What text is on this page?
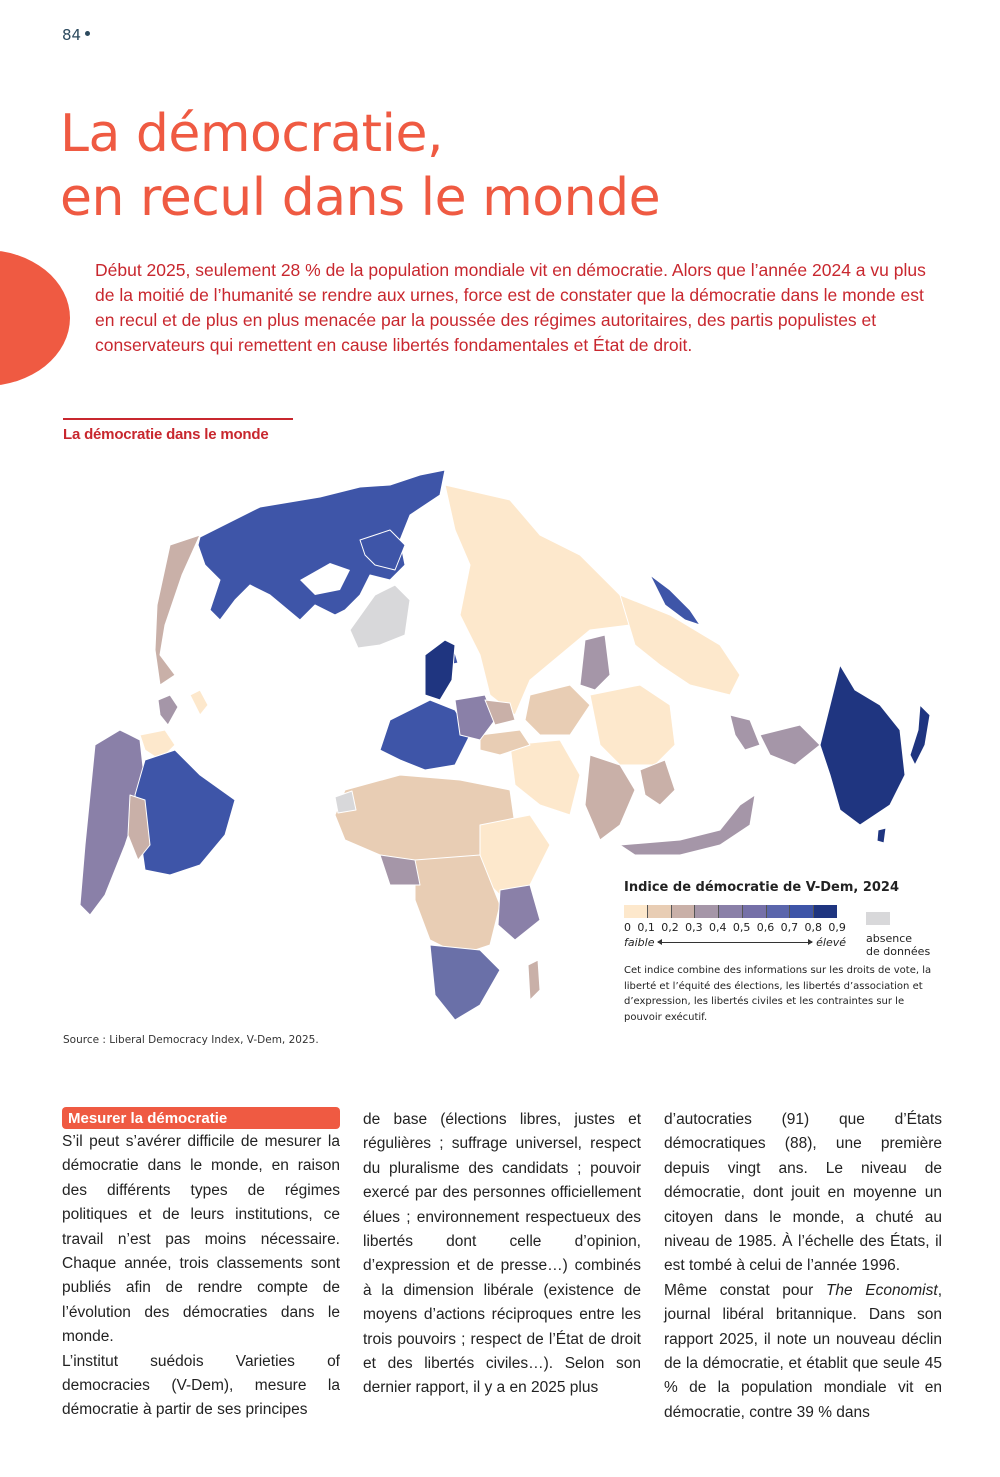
84
La démocratie,
en recul dans le monde

Début 2025, seulement 28 % de la population mondiale vit en démocratie. Alors que l’année 2024 a vu plus de la moitié de l’humanité se rendre aux urnes, force est de constater que la démocratie dans le monde est en recul et de plus en plus menacée par la poussée des régimes autoritaires, des partis populistes et conservateurs qui remettent en cause libertés fondamentales et État de droit.

La démocratie dans le monde
Indice de démocratie de V-Dem, 2024
0 0,1 0,2 0,3 0,4 0,5 0,6 0,7 0,8 0,9
absence
de données
faible	élevé
Cet indice combine des informations sur les droits de vote, la liberté et l’équité des élections, les libertés d’association et d’expression, les libertés civiles et les contraintes sur le pouvoir exécutif.
Source : Liberal Democracy Index, V-Dem, 2025.
Mesurer la démocratie

S’il peut s’avérer difficile de mesurer la démocratie dans le monde, en raison des différents types de régimes politiques et de leurs institutions, ce travail n’est pas moins nécessaire. Chaque année, trois classements sont publiés afin de rendre compte de l’évolution des démocraties dans le monde.

L’institut suédois Varieties of democracies (V-Dem), mesure la démocratie à partir de ses principes

de base (élections libres, justes et régulières ; suffrage universel, respect du pluralisme des candidats ; pouvoir exercé par des personnes officiellement élues ; environnement respectueux des libertés dont celle d’opinion, d’expression et de presse…) combinés à la dimension libérale (existence de moyens d’actions réciproques entre les trois pouvoirs ; respect de l’État de droit et des libertés civiles…). Selon son dernier rapport, il y a en 2025 plus

d’autocraties (91) que d’États démocratiques (88), une première depuis vingt ans. Le niveau de démocratie, dont jouit en moyenne un citoyen dans le monde, a chuté au niveau de 1985. À l’échelle des États, il est tombé à celui de l’année 1996.

Même constat pour The Economist, journal libéral britannique. Dans son rapport 2025, il note un nouveau déclin de la démocratie, et établit que seule 45 % de la population mondiale vit en démocratie, contre 39 % dans
